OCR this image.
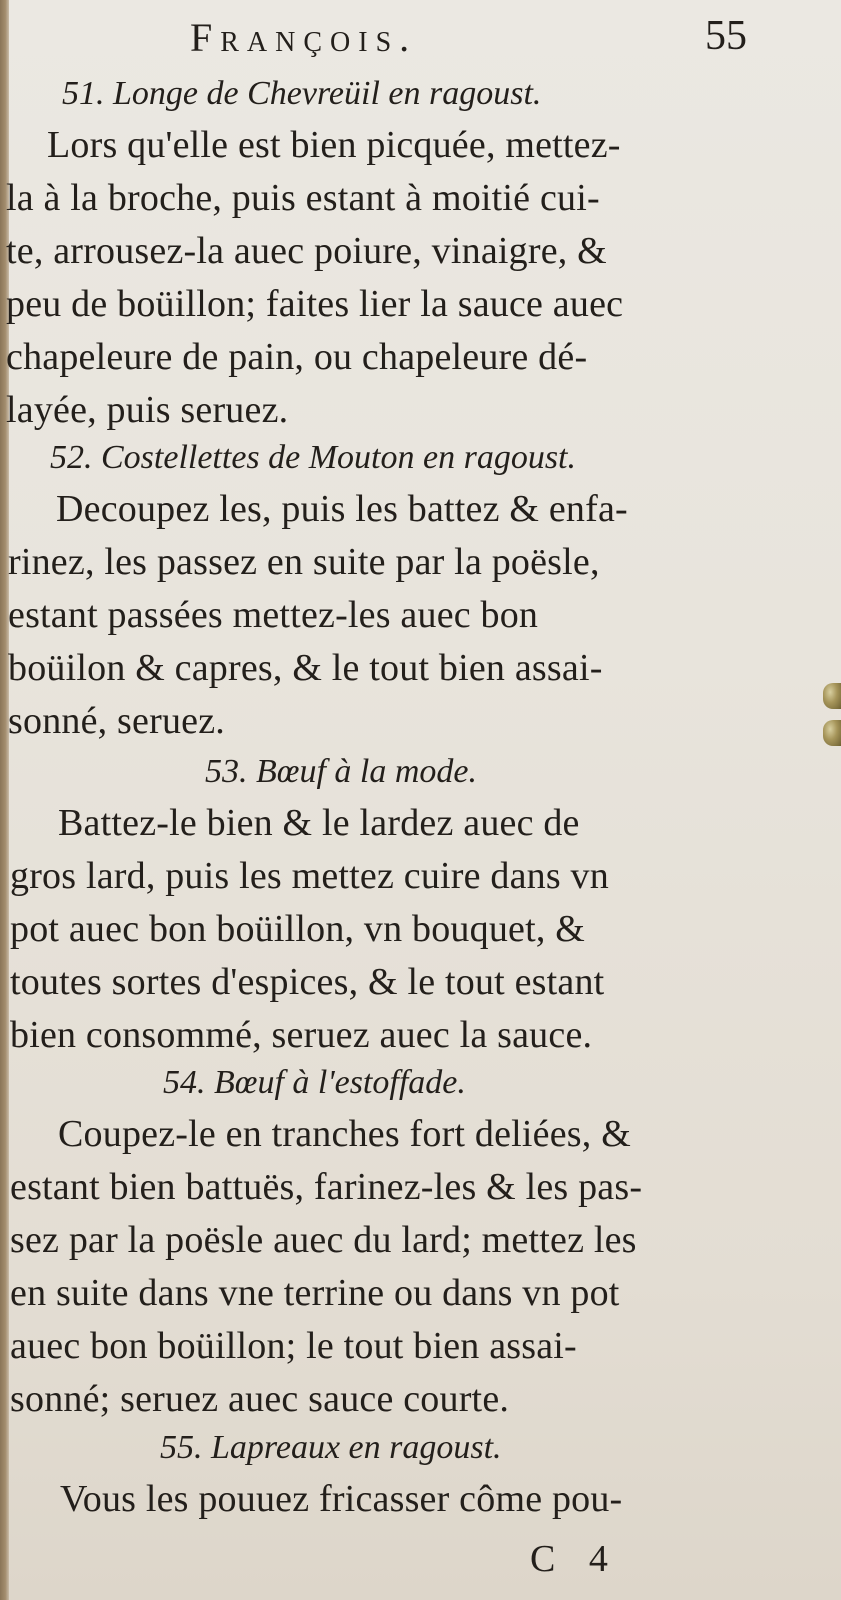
François.	55
51. Longe de Chevreüil en ragoust.
Lors qu'elle est bien picquée, mettez-
la à la broche, puis estant à moitié cui-
te, arrousez-la auec poiure, vinaigre, &
peu de boüillon; faites lier la sauce auec
chapeleure de pain, ou chapeleure dé-
layée, puis seruez.
52. Costellettes de Mouton en ragoust.
Decoupez les, puis les battez & enfa-
rinez, les passez en suite par la poësle,
estant passées mettez-les auec bon
boüilon & capres, & le tout bien assai-
sonné, seruez.
53. Bœuf à la mode.
Battez-le bien & le lardez auec de
gros lard, puis les mettez cuire dans vn
pot auec bon boüillon, vn bouquet, &
toutes sortes d'espices, & le tout estant
bien consommé, seruez auec la sauce.
54. Bœuf à l'estoffade.
Coupez-le en tranches fort deliées, &
estant bien battuës, farinez-les & les pas-
sez par la poësle auec du lard; mettez les
en suite dans vne terrine ou dans vn pot
auec bon boüillon; le tout bien assai-
sonné; seruez auec sauce courte.
55. Lapreaux en ragoust.
Vous les pouuez fricasser côme pou-
C 4
